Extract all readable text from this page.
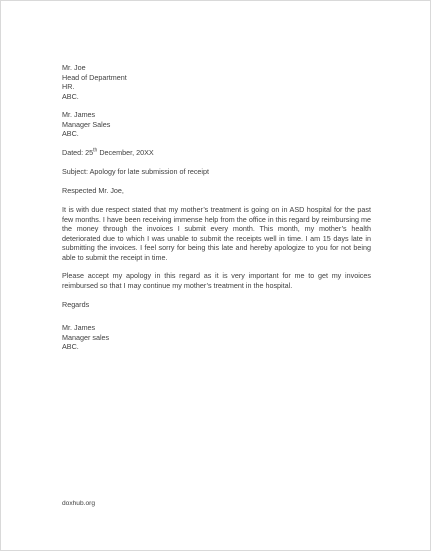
Mr. Joe
Head of Department
HR.
ABC.
Mr. James
Manager Sales
ABC.
Dated: 25th December, 20XX
Subject: Apology for late submission of receipt
Respected Mr. Joe,

It is with due respect stated that my mother’s treatment is going on in ASD hospital for the past few months. I have been receiving immense help from the office in this regard by reimbursing me the money through the invoices I submit every month. This month, my mother’s health deteriorated due to which I was unable to submit the receipts well in time. I am 15 days late in submitting the invoices. I feel sorry for being this late and hereby apologize to you for not being able to submit the receipt in time.

Please accept my apology in this regard as it is very important for me to get my invoices reimbursed so that I may continue my mother’s treatment in the hospital.

Regards
Mr. James
Manager sales
ABC.
doxhub.org
